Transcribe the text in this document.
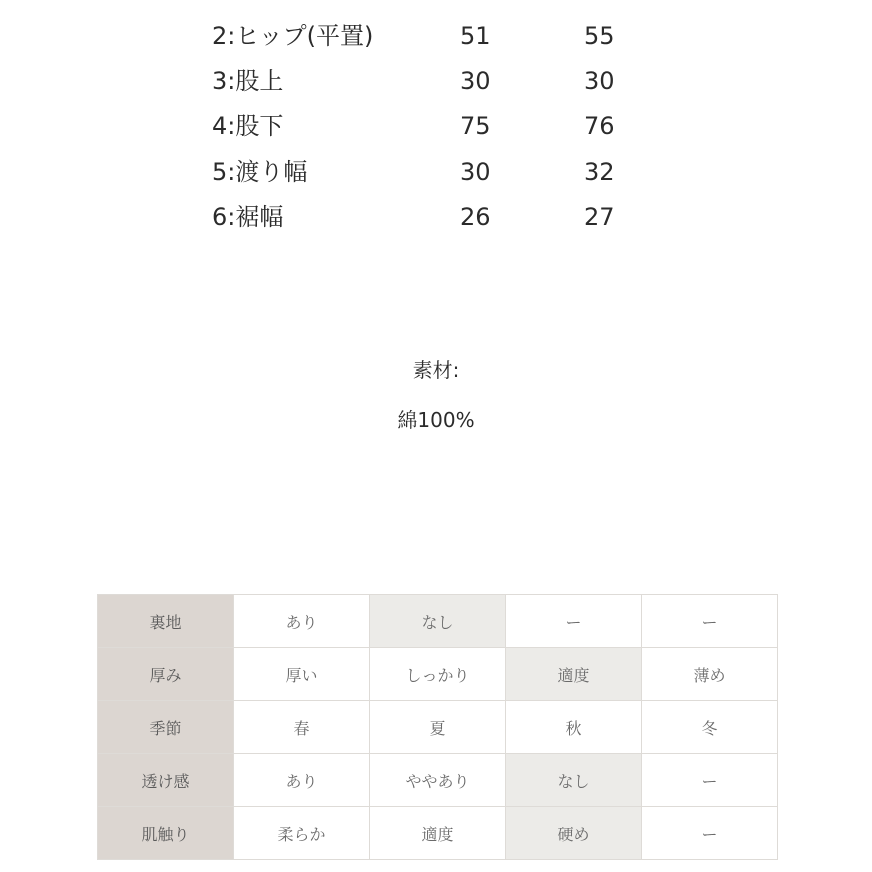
2:ヒップ(平置)	51	55
3:股上	30	30
4:股下	75	76
5:渡り幅	30	32
6:裾幅	26	27
素材:
綿100%
裏地	あり	なし	ー	ー
厚み	厚い	しっかり	適度	薄め
季節	春	夏	秋	冬
透け感	あり	ややあり	なし	ー
肌触り	柔らか	適度	硬め	ー
